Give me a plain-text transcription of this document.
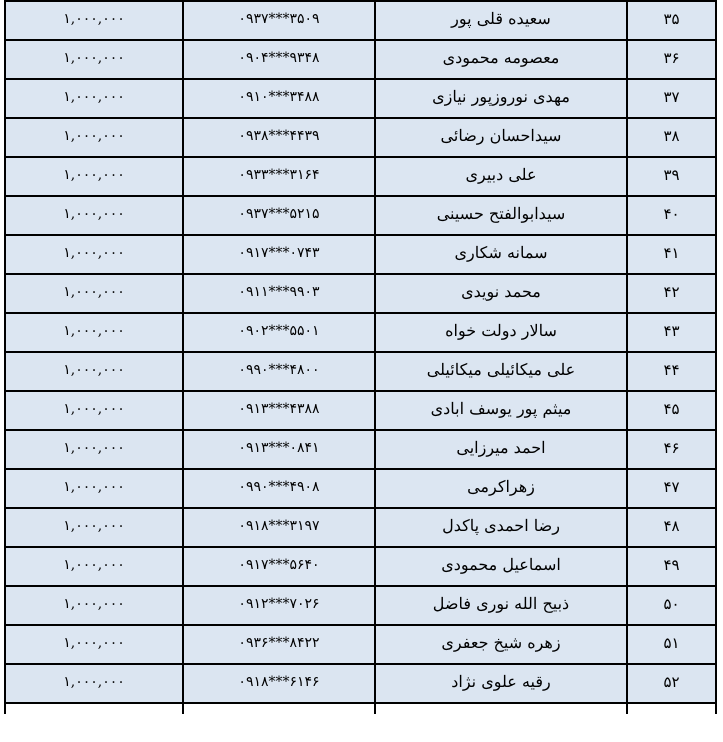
۱,۰۰۰,۰۰۰	۰۹۳۷***۳۵۰۹	سعیده قلی پور	۳۵
۱,۰۰۰,۰۰۰	۰۹۰۴***۹۳۴۸	معصومه محمودی	۳۶
۱,۰۰۰,۰۰۰	۰۹۱۰***۳۴۸۸	مهدی نوروزپور نیازی	۳۷
۱,۰۰۰,۰۰۰	۰۹۳۸***۴۴۳۹	سیداحسان رضائی	۳۸
۱,۰۰۰,۰۰۰	۰۹۳۳***۳۱۶۴	علی دبیری	۳۹
۱,۰۰۰,۰۰۰	۰۹۳۷***۵۲۱۵	سیدابوالفتح حسینی	۴۰
۱,۰۰۰,۰۰۰	۰۹۱۷***۰۷۴۳	سمانه شکاری	۴۱
۱,۰۰۰,۰۰۰	۰۹۱۱***۹۹۰۳	محمد نویدی	۴۲
۱,۰۰۰,۰۰۰	۰۹۰۲***۵۵۰۱	سالار دولت خواه	۴۳
۱,۰۰۰,۰۰۰	۰۹۹۰***۴۸۰۰	علی میکائیلی میکائیلی	۴۴
۱,۰۰۰,۰۰۰	۰۹۱۳***۴۳۸۸	میثم پور یوسف ابادی	۴۵
۱,۰۰۰,۰۰۰	۰۹۱۳***۰۸۴۱	احمد میرزایی	۴۶
۱,۰۰۰,۰۰۰	۰۹۹۰***۴۹۰۸	زهراکرمی	۴۷
۱,۰۰۰,۰۰۰	۰۹۱۸***۳۱۹۷	رضا احمدی پاکدل	۴۸
۱,۰۰۰,۰۰۰	۰۹۱۷***۵۶۴۰	اسماعیل محمودی	۴۹
۱,۰۰۰,۰۰۰	۰۹۱۲***۷۰۲۶	ذبیح الله نوری فاضل	۵۰
۱,۰۰۰,۰۰۰	۰۹۳۶***۸۴۲۲	زهره شیخ جعفری	۵۱
۱,۰۰۰,۰۰۰	۰۹۱۸***۶۱۴۶	رقیه علوی نژاد	۵۲
